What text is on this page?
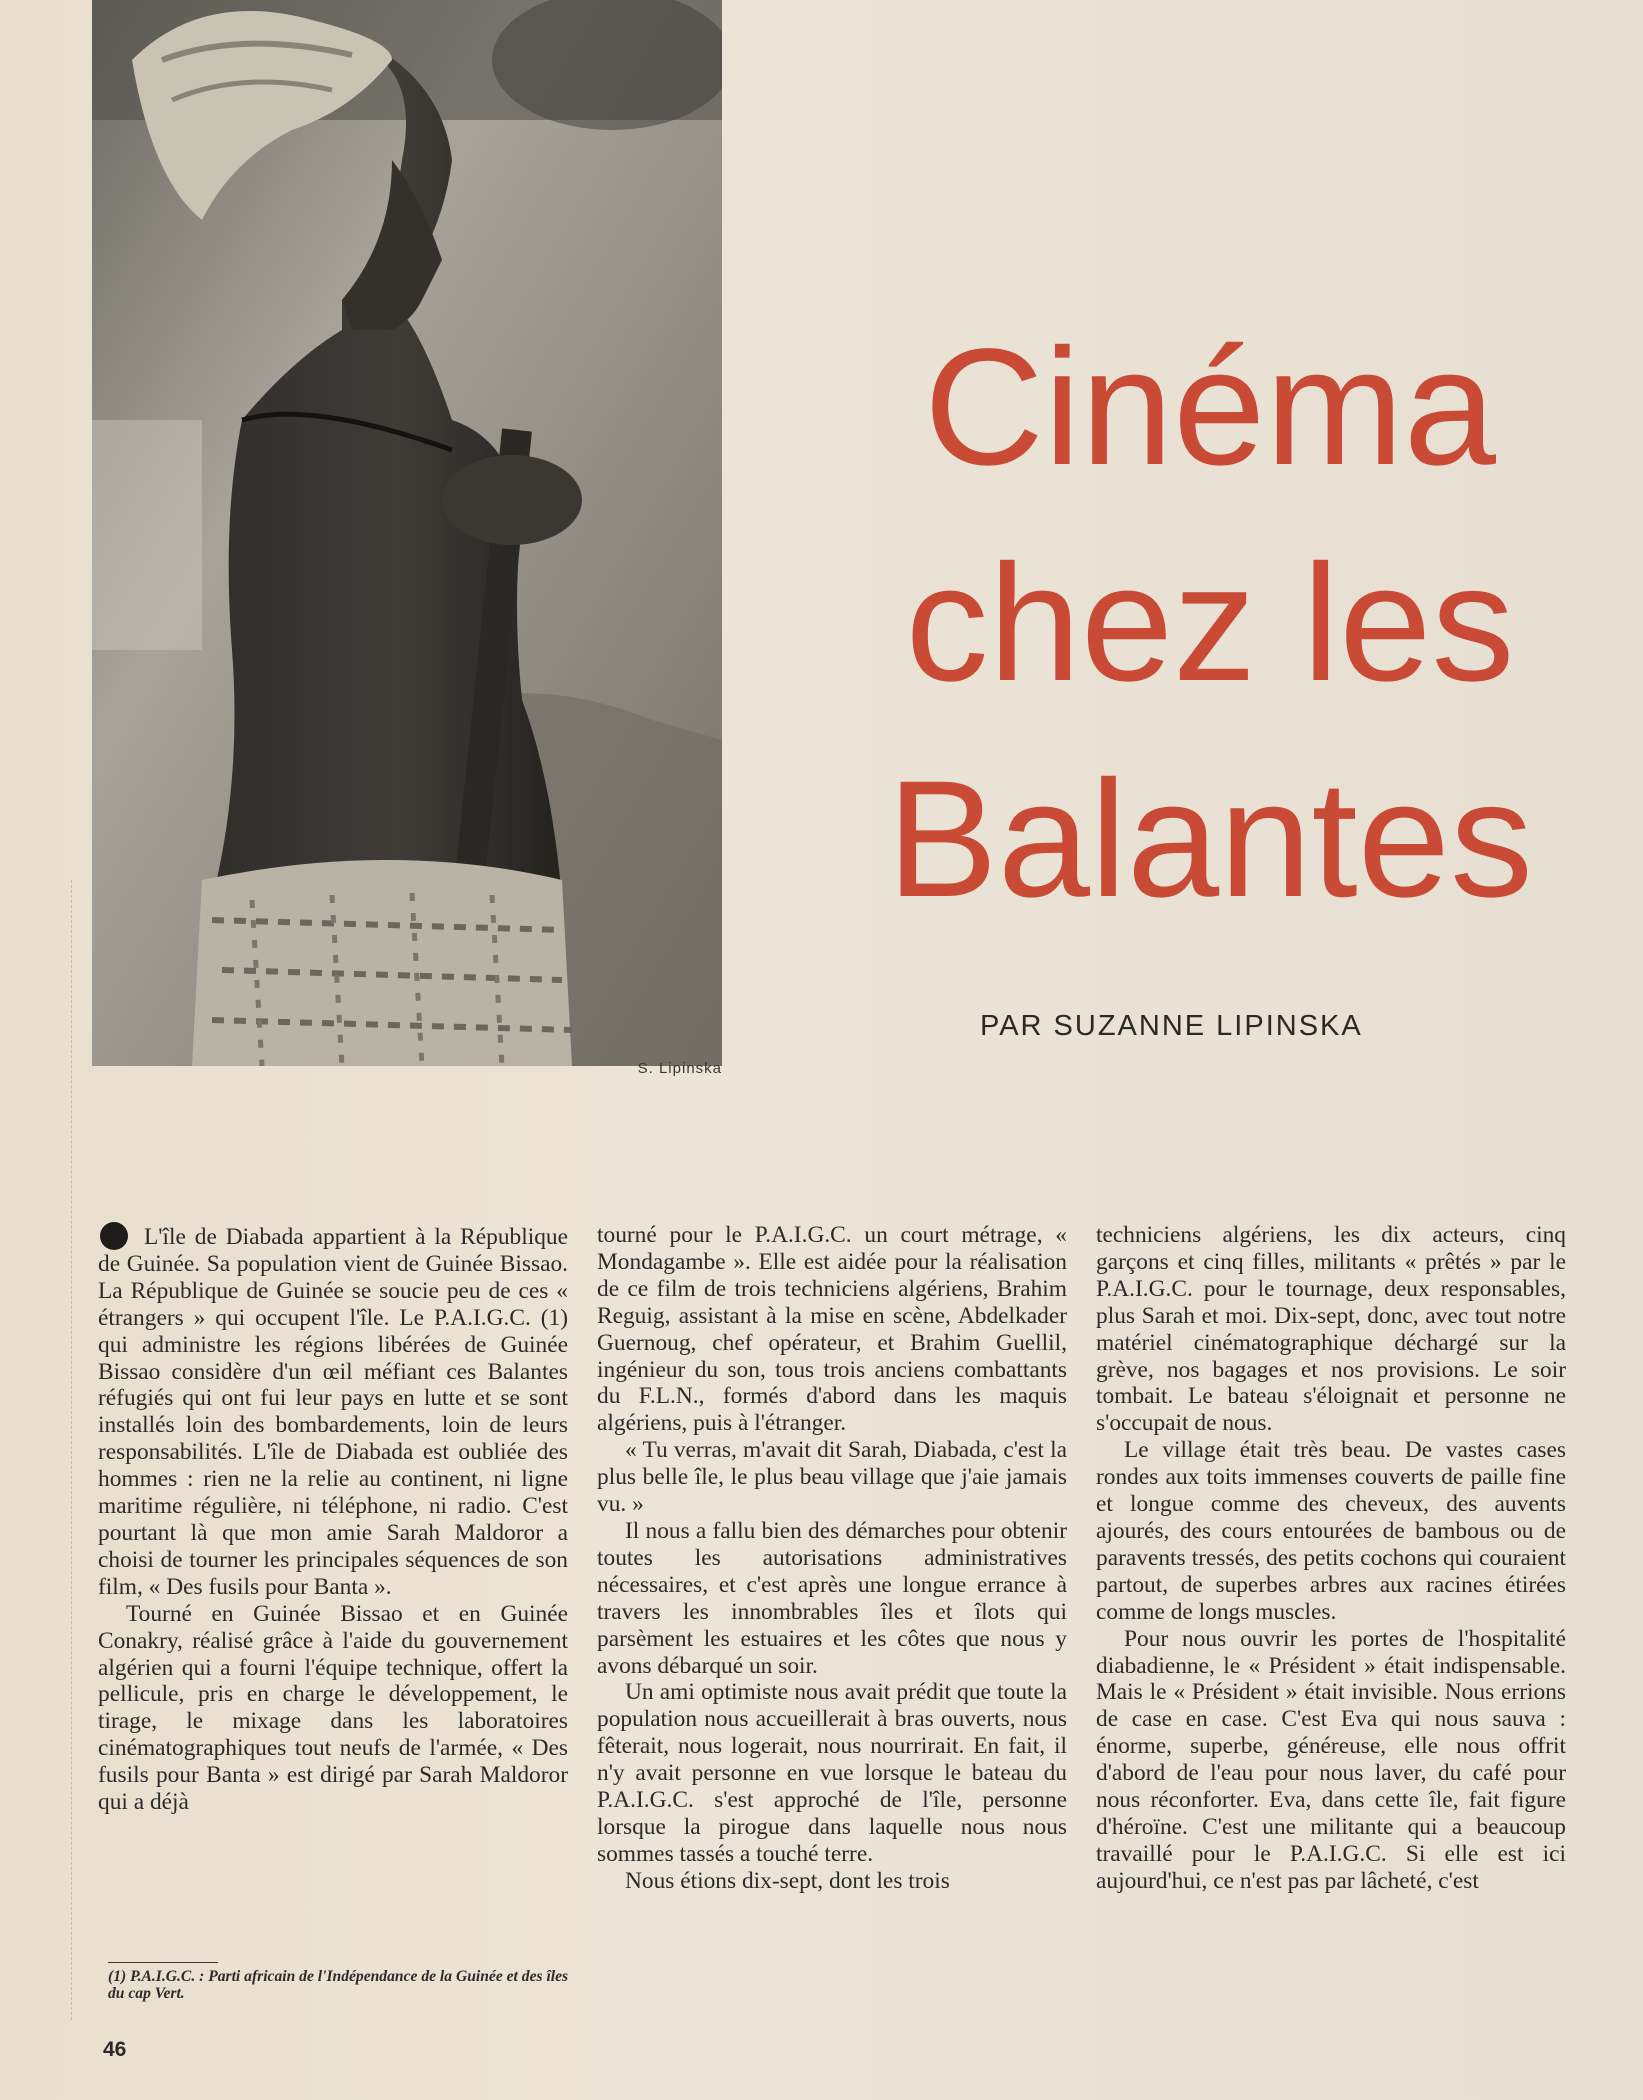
S. Lipinska
Cinéma
chez les
Balantes
PAR SUZANNE LIPINSKA

L'île de Diabada appartient à la République de Guinée. Sa population vient de Guinée Bissao. La République de Guinée se soucie peu de ces « étrangers » qui occupent l'île. Le P.A.I.G.C. (1) qui administre les régions libérées de Guinée Bissao considère d'un œil méfiant ces Balantes réfugiés qui ont fui leur pays en lutte et se sont installés loin des bombardements, loin de leurs responsabilités. L'île de Diabada est oubliée des hommes : rien ne la relie au continent, ni ligne maritime régulière, ni téléphone, ni radio. C'est pourtant là que mon amie Sarah Maldoror a choisi de tourner les principales séquences de son film, « Des fusils pour Banta ».

Tourné en Guinée Bissao et en Guinée Conakry, réalisé grâce à l'aide du gouvernement algérien qui a fourni l'équipe technique, offert la pellicule, pris en charge le développement, le tirage, le mixage dans les laboratoires cinématographiques tout neufs de l'armée, « Des fusils pour Banta » est dirigé par Sarah Maldoror qui a déjà

tourné pour le P.A.I.G.C. un court métrage, « Mondagambe ». Elle est aidée pour la réalisation de ce film de trois techniciens algériens, Brahim Reguig, assistant à la mise en scène, Abdelkader Guernoug, chef opérateur, et Brahim Guellil, ingénieur du son, tous trois anciens combattants du F.L.N., formés d'abord dans les maquis algériens, puis à l'étranger.

« Tu verras, m'avait dit Sarah, Diabada, c'est la plus belle île, le plus beau village que j'aie jamais vu. »

Il nous a fallu bien des démarches pour obtenir toutes les autorisations administratives nécessaires, et c'est après une longue errance à travers les innombrables îles et îlots qui parsèment les estuaires et les côtes que nous y avons débarqué un soir.

Un ami optimiste nous avait prédit que toute la population nous accueillerait à bras ouverts, nous fêterait, nous logerait, nous nourrirait. En fait, il n'y avait personne en vue lorsque le bateau du P.A.I.G.C. s'est approché de l'île, personne lorsque la pirogue dans laquelle nous nous sommes tassés a touché terre.

Nous étions dix-sept, dont les trois

techniciens algériens, les dix acteurs, cinq garçons et cinq filles, militants « prêtés » par le P.A.I.G.C. pour le tournage, deux responsables, plus Sarah et moi. Dix-sept, donc, avec tout notre matériel cinématographique déchargé sur la grève, nos bagages et nos provisions. Le soir tombait. Le bateau s'éloignait et personne ne s'occupait de nous.

Le village était très beau. De vastes cases rondes aux toits immenses couverts de paille fine et longue comme des cheveux, des auvents ajourés, des cours entourées de bambous ou de paravents tressés, des petits cochons qui couraient partout, de superbes arbres aux racines étirées comme de longs muscles.

Pour nous ouvrir les portes de l'hospitalité diabadienne, le « Président » était indispensable. Mais le « Président » était invisible. Nous errions de case en case. C'est Eva qui nous sauva : énorme, superbe, généreuse, elle nous offrit d'abord de l'eau pour nous laver, du café pour nous réconforter. Eva, dans cette île, fait figure d'héroïne. C'est une militante qui a beaucoup travaillé pour le P.A.I.G.C. Si elle est ici aujourd'hui, ce n'est pas par lâcheté, c'est

(1) P.A.I.G.C. : Parti africain de l'Indépendance de la Guinée et des îles du cap Vert.
46
